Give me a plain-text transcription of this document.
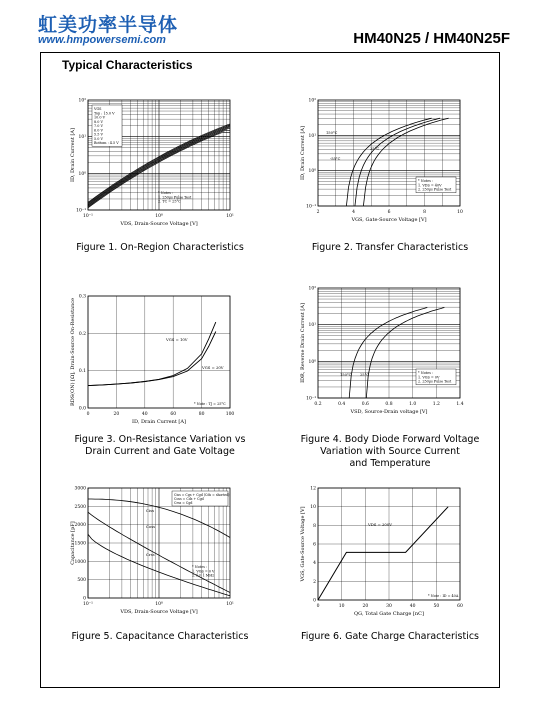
虹美功率半导体
www.hmpowersemi.com	HM40N25 / HM40N25F
Typical Characteristics
10⁻¹	10⁰	10¹
10⁻¹
10⁰
10¹
10²
VGS
Top : 15.0 V
10.0 V
8.0 V
7.0 V
6.0 V
5.5 V
5.0 V
Bottom : 4.5 V
* Notes :
1. 250μs Pulse Test
2. TC = 25°C
VDS, Drain-Source Voltage [V]
ID, Drain Current [A]
2	4	6	8	10
10⁻¹
10⁰
10¹
10²
150°C
25°C
-55°C
* Notes :
1. VDS = 40V
2. 250μs Pulse Test
VGS, Gate-Source Voltage [V]
ID, Drain Current [A]
0	20	40	60	80	100
0.0
0.1
0.2
0.3
VGS = 10V
VGS = 20V
* Note : TJ = 25°C
ID, Drain Current [A]
RDS(ON) [Ω], Drain-Source On-Resistance	0.2	0.4	0.6	0.8	1.0	1.2	1.4
10⁻¹
10⁰
10¹
10²
150°C 25°C	* Notes :
1. VGS = 0V
2. 250μs Pulse Test
VSD, Source-Drain voltage [V]
IDR, Reverse Drain Current [A]
10⁻¹	10⁰	10¹
0
500
1000
1500
2000
2500
3000
Ciss
Coss
Crss
Ciss = Cgs + Cgd (Cds = shorted)
Coss = Cds + Cgd
Crss = Cgd
* Notes :
1. VGS = 0 V
2. f = 1 MHz
VDS, Drain-Source Voltage [V]
Capacitance [pF]
0	10	20	30	40	50	60
0
2
4
6
8
10
12
VDS = 200V
* Note : ID = 40A
QG, Total Gate Charge [nC]
VGS, Gate-Source Voltage [V]
Figure 1. On-Region Characteristics	Figure 2. Transfer Characteristics
Figure 3. On-Resistance Variation vs
Drain Current and Gate Voltage
Figure 4. Body Diode Forward Voltage
Variation with Source Current
and Temperature
Figure 5. Capacitance Characteristics	Figure 6. Gate Charge Characteristics
